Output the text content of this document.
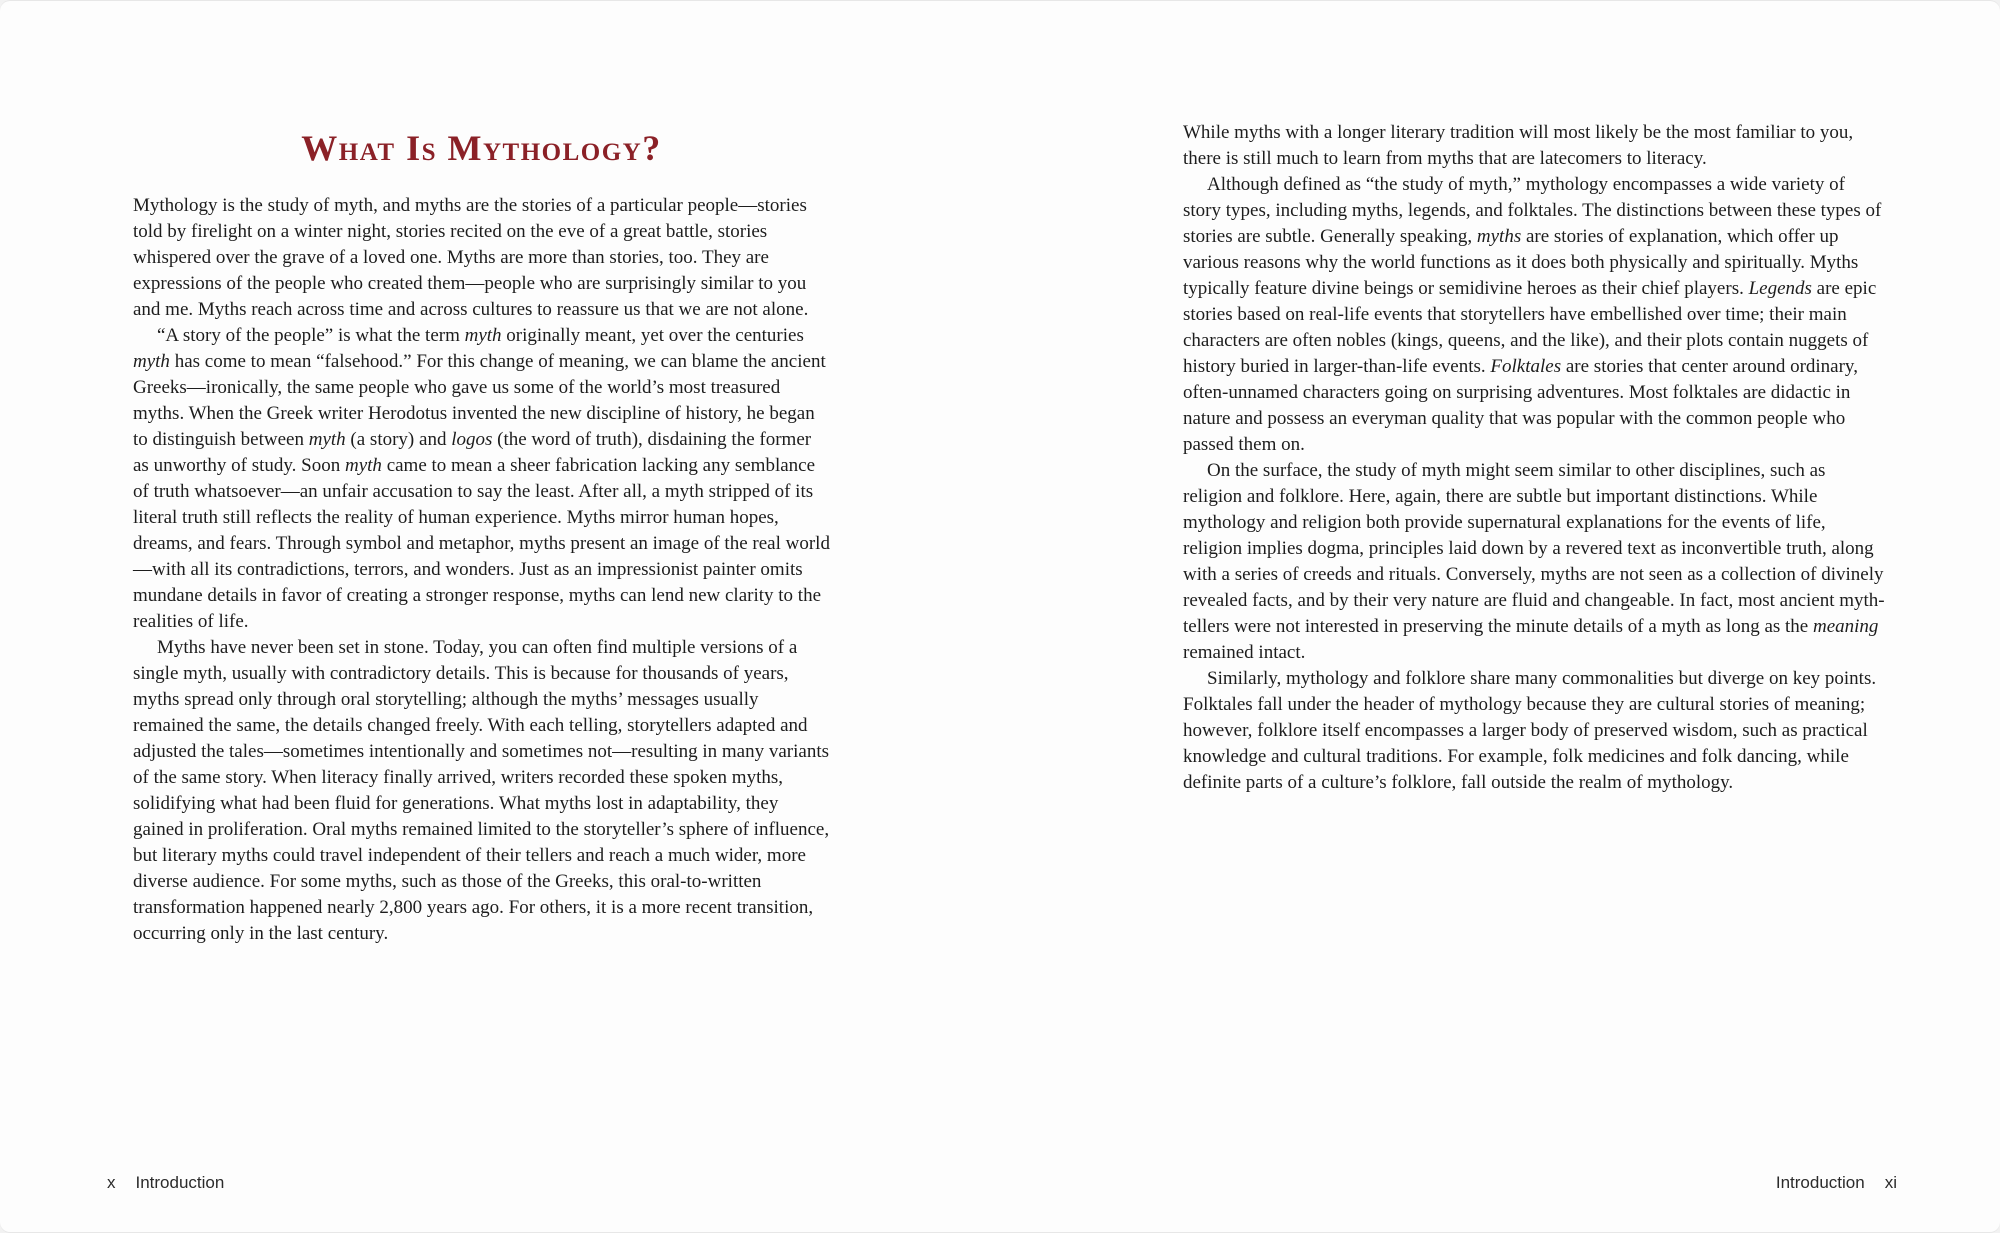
What Is Mythology?

Mythology is the study of myth, and myths are the stories of a particular people—stories told by firelight on a winter night, stories recited on the eve of a great battle, stories whispered over the grave of a loved one. Myths are more than stories, too. They are expressions of the people who created them—people who are surprisingly similar to you and me. Myths reach across time and across cultures to reassure us that we are not alone.

“A story of the people” is what the term myth originally meant, yet over the centuries myth has come to mean “falsehood.” For this change of meaning, we can blame the ancient Greeks—ironically, the same people who gave us some of the world’s most treasured myths. When the Greek writer Herodotus invented the new discipline of history, he began to distinguish between myth (a story) and logos (the word of truth), disdaining the former as unworthy of study. Soon myth came to mean a sheer fabrication lacking any semblance of truth whatsoever—an unfair accusation to say the least. After all, a myth stripped of its literal truth still reflects the reality of human experience. Myths mirror human hopes, dreams, and fears. Through symbol and metaphor, myths present an image of the real world—with all its contradictions, terrors, and wonders. Just as an impressionist painter omits mundane details in favor of creating a stronger response, myths can lend new clarity to the realities of life.

Myths have never been set in stone. Today, you can often find multiple versions of a single myth, usually with contradictory details. This is because for thousands of years, myths spread only through oral storytelling; although the myths’ messages usually remained the same, the details changed freely. With each telling, storytellers adapted and adjusted the tales—sometimes intentionally and sometimes not—resulting in many variants of the same story. When literacy finally arrived, writers recorded these spoken myths, solidifying what had been fluid for generations. What myths lost in adaptability, they gained in proliferation. Oral myths remained limited to the storyteller’s sphere of influence, but literary myths could travel independent of their tellers and reach a much wider, more diverse audience. For some myths, such as those of the Greeks, this oral-to-written transformation happened nearly 2,800 years ago. For others, it is a more recent transition, occurring only in the last century.

While myths with a longer literary tradition will most likely be the most familiar to you, there is still much to learn from myths that are latecomers to literacy.

Although defined as “the study of myth,” mythology encompasses a wide variety of story types, including myths, legends, and folktales. The distinctions between these types of stories are subtle. Generally speaking, myths are stories of explanation, which offer up various reasons why the world functions as it does both physically and spiritually. Myths typically feature divine beings or semidivine heroes as their chief players. Legends are epic stories based on real-life events that storytellers have embellished over time; their main characters are often nobles (kings, queens, and the like), and their plots contain nuggets of history buried in larger-than-life events. Folktales are stories that center around ordinary, often-unnamed characters going on surprising adventures. Most folktales are didactic in nature and possess an everyman quality that was popular with the common people who passed them on.

On the surface, the study of myth might seem similar to other disciplines, such as religion and folklore. Here, again, there are subtle but important distinctions. While mythology and religion both provide supernatural explanations for the events of life, religion implies dogma, principles laid down by a revered text as inconvertible truth, along with a series of creeds and rituals. Conversely, myths are not seen as a collection of divinely revealed facts, and by their very nature are fluid and changeable. In fact, most ancient myth-tellers were not interested in preserving the minute details of a myth as long as the meaning remained intact.

Similarly, mythology and folklore share many commonalities but diverge on key points. Folktales fall under the header of mythology because they are cultural stories of meaning; however, folklore itself encompasses a larger body of preserved wisdom, such as practical knowledge and cultural traditions. For example, folk medicines and folk dancing, while definite parts of a culture’s folklore, fall outside the realm of mythology.

x Introduction	Introduction xi
